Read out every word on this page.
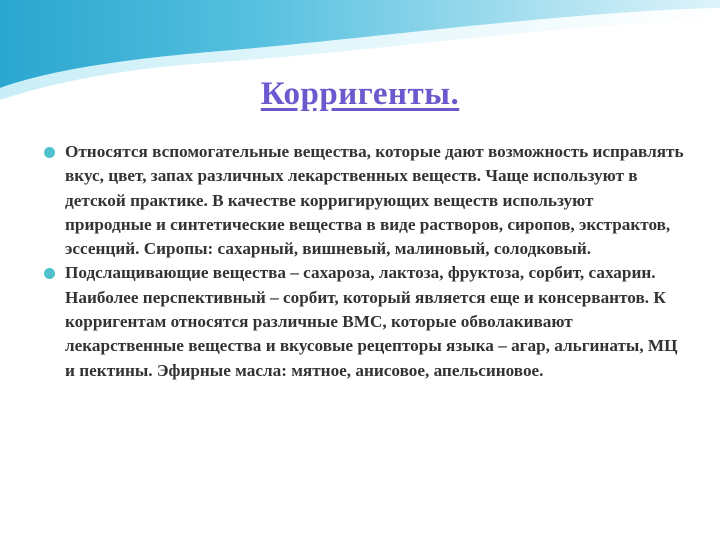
Корригенты.
Относятся вспомогательные вещества, которые дают возможность исправлять вкус, цвет, запах различных лекарственных веществ. Чаще используют в детской практике. В качестве корригирующих веществ используют природные и синтетические вещества в виде растворов, сиропов, экстрактов, эссенций. Сиропы: сахарный, вишневый, малиновый, солодковый.
Подслащивающие вещества – сахароза, лактоза, фруктоза, сорбит, сахарин. Наиболее перспективный – сорбит, который является еще и консервантов. К корригентам относятся различные ВМС, которые обволакивают лекарственные вещества и вкусовые рецепторы языка – агар, альгинаты, МЦ и пектины. Эфирные масла: мятное, анисовое, апельсиновое.
